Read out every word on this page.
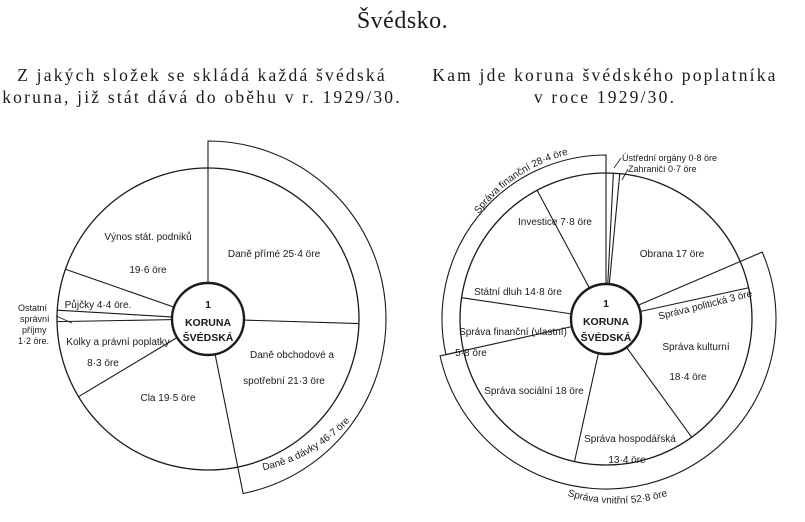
Švédsko.
Z jakých složek se skládá každá švédská
koruna, již stát dává do oběhu v r. 1929/30.
Kam jde koruna švédského poplatníka
v roce 1929/30.
Výnos stát. podniků
19·6 öre
Půjčky 4·4 öre.
Ostatní
správní
příjmy
1·2 öre. Kolky a právní poplatky
8·3 öre
Cla 19·5 öre
Daně přímé 25·4 öre
Daně obchodové a
spotřební 21·3 öre
Daně a dávky 46·7 öre
Ústřední orgány 0·8 öre
Zahraničí 0·7 öre
Obrana 17 öre
Správa politická 3 öre
Správa kulturní
18·4 öre
Správa hospodářská
13·4 öre
Správa sociální 18 öre
Správa finanční (vlastní)
5·8 öre
Státní dluh 14·8 öre
Investice 7·8 öre
Správa finanční 28·4 öre
Správa vnitřní 52·8 öre
1
KORUNA
ŠVÉDSKÁ
1
KORUNA
ŠVÉDSKÁ
